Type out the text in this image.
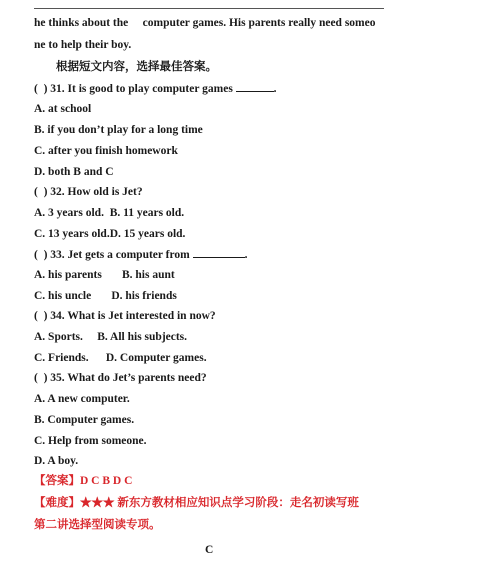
he thinks about the     computer games. His parents really need someo
ne to help their boy.
根据短文内容，选择最佳答案。
(  ) 31. It is good to play computer games	.
A. at school
B. if you don’t play for a long time
C. after you finish homework
D. both B and C
(  ) 32. How old is Jet?
A. 3 years old.  B. 11 years old.
C. 13 years old.D. 15 years old.
(  ) 33. Jet gets a computer from	.
A. his parents       B. his aunt
C. his uncle       D. his friends
(  ) 34. What is Jet interested in now?
A. Sports.     B. All his subjects.
C. Friends.      D. Computer games.
(  ) 35. What do Jet’s parents need?
A. A new computer.
B. Computer games.
C. Help from someone.
D. A boy.
【答案】D C B D C
【难度】★★★ 新东方教材相应知识点学习阶段：走名初读写班
第二讲选择型阅读专项。
C
